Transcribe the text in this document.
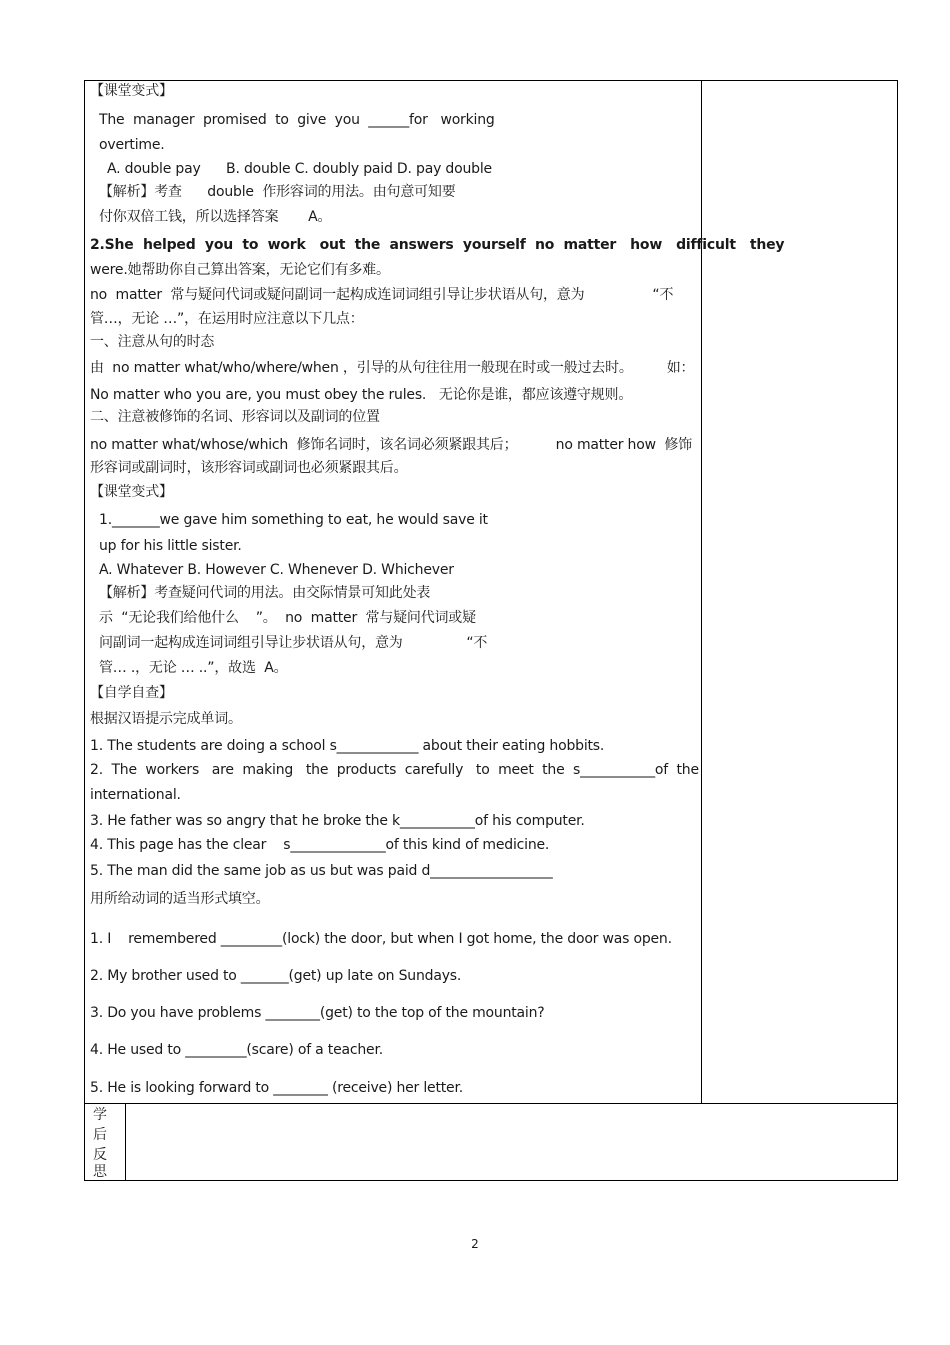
【课堂变式】
The  manager  promised  to  give  you  ______for   working
overtime.
A. double pay      B. double C. doubly paid D. pay double
【解析】考查      double  作形容词的用法。由句意可知要
付你双倍工钱，所以选择答案       A。
2.She  helped  you  to  work   out  the  answers  yourself  no  matter   how   difficult   they
were.她帮助你自己算出答案，无论它们有多难。
no  matter  常与疑问代词或疑问副词一起构成连词词组引导让步状语从句，意为                “不
管…，无论 …”，在运用时应注意以下几点：
一、注意从句的时态
由  no matter what/who/where/when ，引导的从句往往用一般现在时或一般过去时。        如：
No matter who you are, you must obey the rules.   无论你是谁，都应该遵守规则。
二、注意被修饰的名词、形容词以及副词的位置
no matter what/whose/which  修饰名词时，该名词必须紧跟其后；         no matter how  修饰
形容词或副词时，该形容词或副词也必须紧跟其后。
【课堂变式】
1._______we gave him something to eat, he would save it
up for his little sister.
A. Whatever B. However C. Whenever D. Whichever
【解析】考查疑问代词的用法。由交际情景可知此处表
示  “无论我们给他什么    ”。  no  matter  常与疑问代词或疑
问副词一起构成连词词组引导让步状语从句，意为               “不
管… .，无论 … ..”，故选  A。
【自学自查】
根据汉语提示完成单词。
1. The students are doing a school s____________ about their eating hobbits.
2.  The  workers   are  making   the  products  carefully   to  meet  the  s___________of  the
international.
3. He father was so angry that he broke the k___________of his computer.
4. This page has the clear    s______________of this kind of medicine.
5. The man did the same job as us but was paid d__________________
用所给动词的适当形式填空。
1. I    remembered _________(lock) the door, but when I got home, the door was open.
2. My brother used to _______(get) up late on Sundays.
3. Do you have problems ________(get) to the top of the mountain?
4. He used to _________(scare) of a teacher.
5. He is looking forward to ________ (receive) her letter.
学
后
反
思
2
